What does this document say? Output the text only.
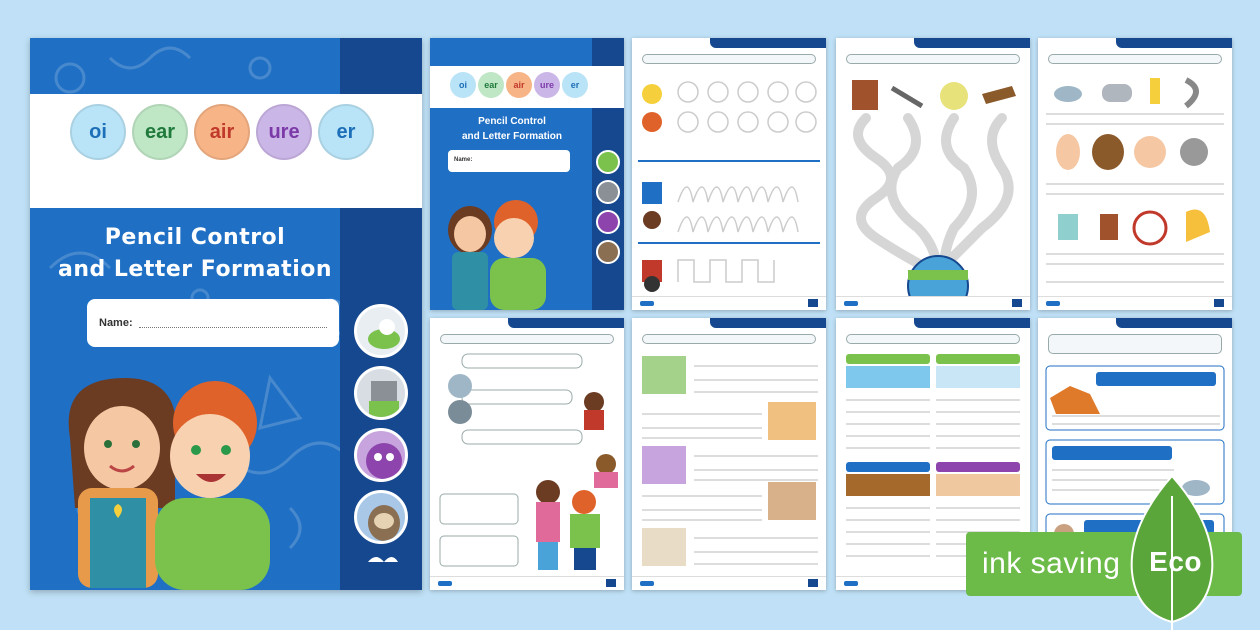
oi	ear	air	ure	er
Pencil Control
and Letter Formation
Name:
oi	ear	air	ure	er
Pencil Control
and Letter Formation
Name:
ink saving Eco
